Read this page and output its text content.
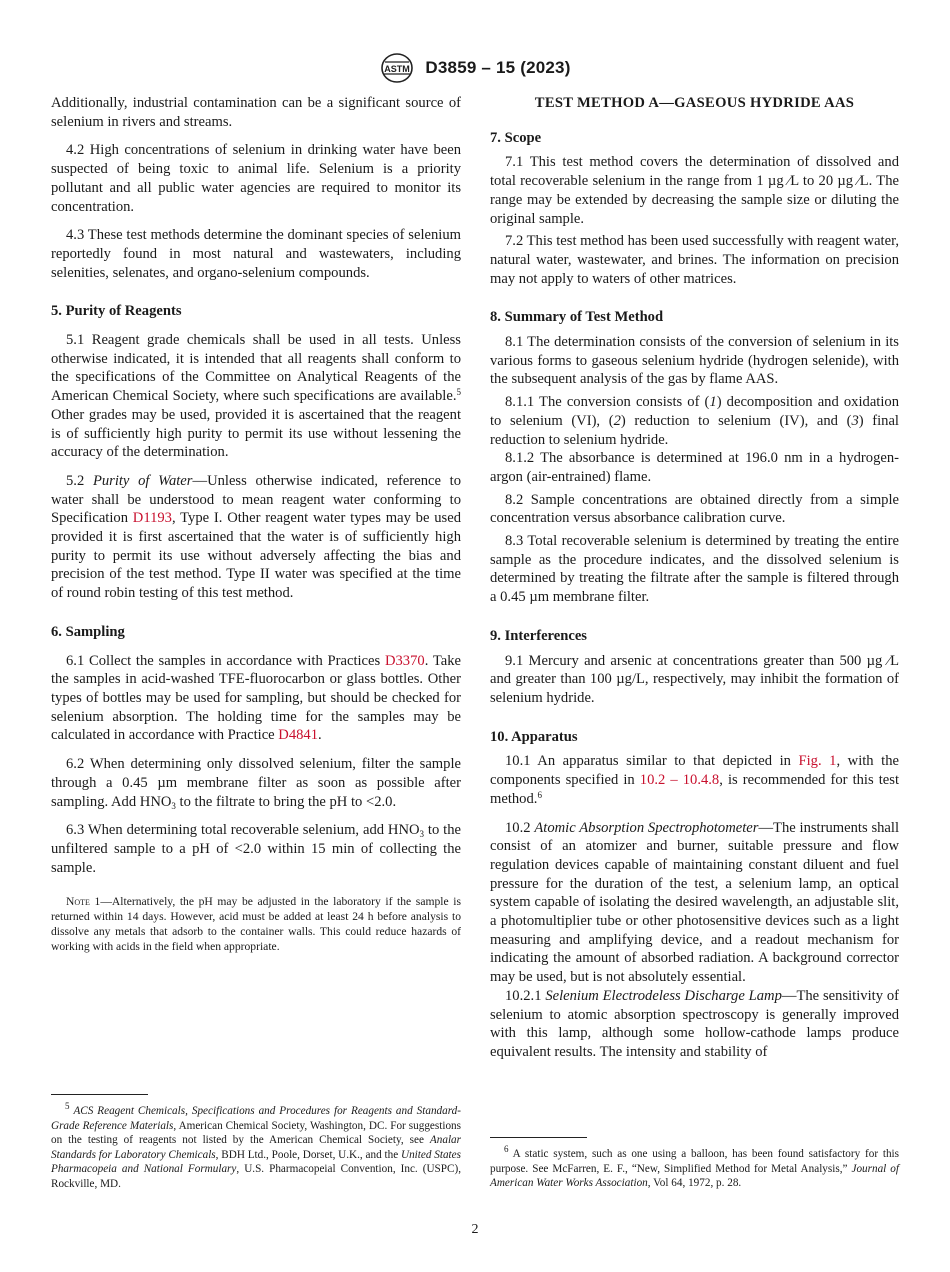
ASTM D3859 – 15 (2023)

Additionally, industrial contamination can be a significant source of selenium in rivers and streams.

4.2 High concentrations of selenium in drinking water have been suspected of being toxic to animal life. Selenium is a priority pollutant and all public water agencies are required to monitor its concentration.

4.3 These test methods determine the dominant species of selenium reportedly found in most natural and wastewaters, including selenities, selenates, and organo-selenium compounds.

5. Purity of Reagents

5.1 Reagent grade chemicals shall be used in all tests. Unless otherwise indicated, it is intended that all reagents shall conform to the specifications of the Committee on Analytical Reagents of the American Chemical Society, where such specifications are available.$^5$ Other grades may be used, provided it is ascertained that the reagent is of sufficiently high purity to permit its use without lessening the accuracy of the determination.

5.2 Purity of Water—Unless otherwise indicated, reference to water shall be understood to mean reagent water conforming to Specification D1193, Type I. Other reagent water types may be used provided it is first ascertained that the water is of sufficiently high purity to permit its use without adversely affecting the bias and precision of the test method. Type II water was specified at the time of round robin testing of this test method.

6. Sampling

6.1 Collect the samples in accordance with Practices D3370. Take the samples in acid-washed TFE-fluorocarbon or glass bottles. Other types of bottles may be used for sampling, but should be checked for selenium absorption. The holding time for the samples may be calculated in accordance with Practice D4841.

6.2 When determining only dissolved selenium, filter the sample through a 0.45 µm membrane filter as soon as possible after sampling. Add $HNO_3$ to the filtrate to bring the pH to <2.0.

6.3 When determining total recoverable selenium, add $HNO_3$ to the unfiltered sample to a pH of <2.0 within 15 min of collecting the sample.

Note 1—Alternatively, the pH may be adjusted in the laboratory if the sample is returned within 14 days. However, acid must be added at least 24 h before analysis to dissolve any metals that adsorb to the container walls. This could reduce hazards of working with acids in the field when appropriate.

TEST METHOD A—GASEOUS HYDRIDE AAS

7. Scope

7.1 This test method covers the determination of dissolved and total recoverable selenium in the range from 1 µg ⁄L to 20 µg ⁄L. The range may be extended by decreasing the sample size or diluting the original sample.

7.2 This test method has been used successfully with reagent water, natural water, wastewater, and brines. The information on precision may not apply to waters of other matrices.

8. Summary of Test Method

8.1 The determination consists of the conversion of selenium in its various forms to gaseous selenium hydride (hydrogen selenide), with the subsequent analysis of the gas by flame AAS.

8.1.1 The conversion consists of (1) decomposition and oxidation to selenium (VI), (2) reduction to selenium (IV), and (3) final reduction to selenium hydride.

8.1.2 The absorbance is determined at 196.0 nm in a hydrogen-argon (air-entrained) flame.

8.2 Sample concentrations are obtained directly from a simple concentration versus absorbance calibration curve.

8.3 Total recoverable selenium is determined by treating the entire sample as the procedure indicates, and the dissolved selenium is determined by treating the filtrate after the sample is filtered through a 0.45 µm membrane filter.

9. Interferences

9.1 Mercury and arsenic at concentrations greater than 500 µg ⁄L and greater than 100 µg/L, respectively, may inhibit the formation of selenium hydride.

10. Apparatus

10.1 An apparatus similar to that depicted in Fig. 1, with the components specified in 10.2 – 10.4.8, is recommended for this test method.$^6$

10.2 Atomic Absorption Spectrophotometer—The instruments shall consist of an atomizer and burner, suitable pressure and flow regulation devices capable of maintaining constant diluent and fuel pressure for the duration of the test, a selenium lamp, an optical system capable of isolating the desired wavelength, an adjustable slit, a photomultiplier tube or other photosensitive devices such as a light measuring and amplifying device, and a readout mechanism for indicating the amount of absorbed radiation. A background corrector may be used, but is not absolutely essential.

10.2.1 Selenium Electrodeless Discharge Lamp—The sensitivity of selenium to atomic absorption spectroscopy is generally improved with this lamp, although some hollow-cathode lamps produce equivalent results. The intensity and stability of

$^5$ ACS Reagent Chemicals, Specifications and Procedures for Reagents and Standard-Grade Reference Materials, American Chemical Society, Washington, DC. For suggestions on the testing of reagents not listed by the American Chemical Society, see Analar Standards for Laboratory Chemicals, BDH Ltd., Poole, Dorset, U.K., and the United States Pharmacopeia and National Formulary, U.S. Pharmacopeial Convention, Inc. (USPC), Rockville, MD.
$^6$ A static system, such as one using a balloon, has been found satisfactory for this purpose. See McFarren, E. F., “New, Simplified Method for Metal Analysis,” Journal of American Water Works Association, Vol 64, 1972, p. 28.
2
